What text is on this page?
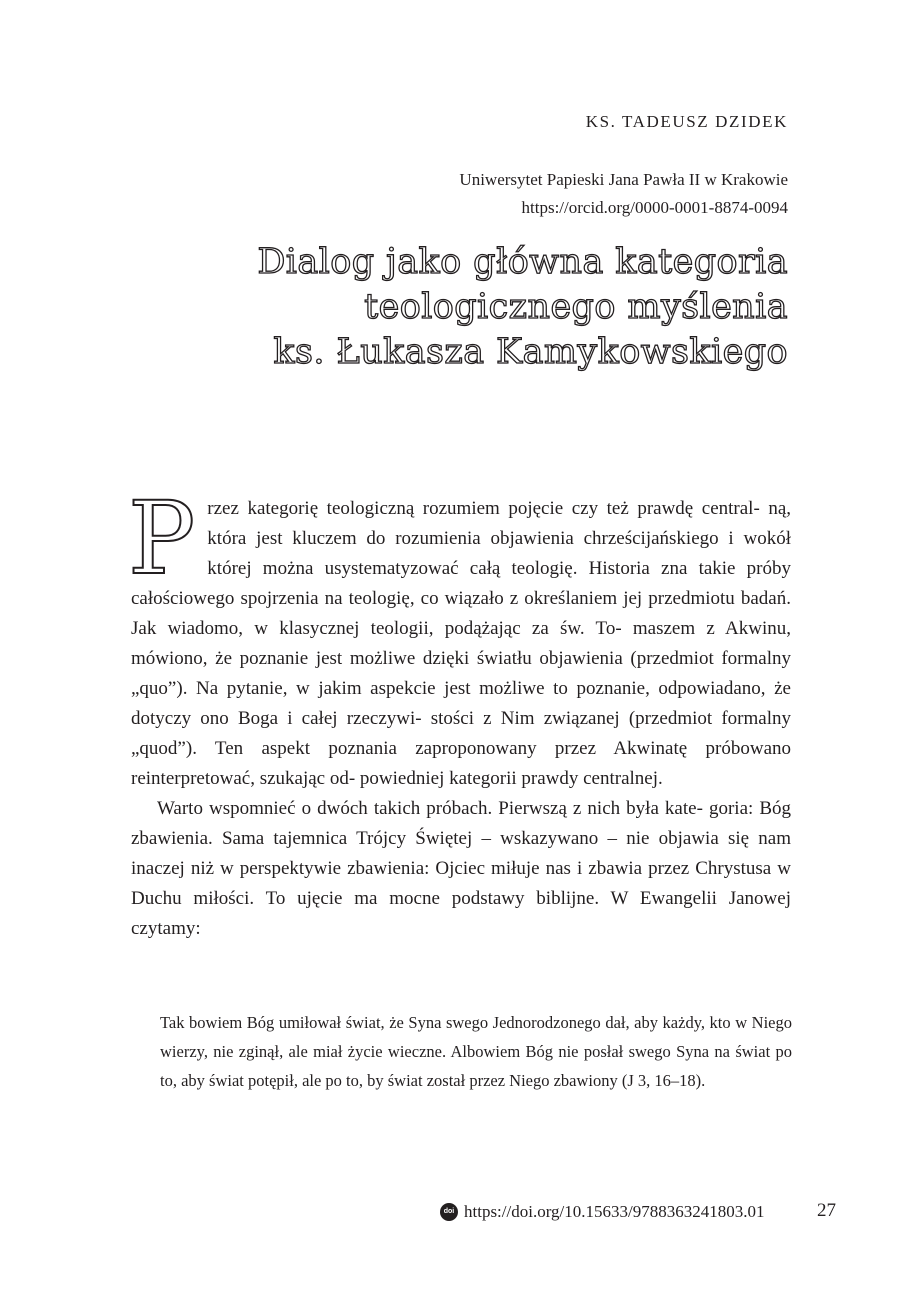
KS. TADEUSZ DZIDEK
Uniwersytet Papieski Jana Pawła II w Krakowie
https://orcid.org/0000-0001-8874-0094
Dialog jako główna kategoria
teologicznego myślenia
ks. Łukasza Kamykowskiego

Przez kategorię teologiczną rozumiem pojęcie czy też prawdę central- ną, która jest kluczem do rozumienia objawienia chrześcijańskiego i wokół której można usystematyzować całą teologię. Historia zna takie próby całościowego spojrzenia na teologię, co wiązało z określaniem jej przedmiotu badań. Jak wiadomo, w klasycznej teologii, podążając za św. To- maszem z Akwinu, mówiono, że poznanie jest możliwe dzięki światłu objawienia (przedmiot formalny „quo”). Na pytanie, w jakim aspekcie jest możliwe to poznanie, odpowiadano, że dotyczy ono Boga i całej rzeczywi- stości z Nim związanej (przedmiot formalny „quod”). Ten aspekt poznania zaproponowany przez Akwinatę próbowano reinterpretować, szukając od- powiedniej kategorii prawdy centralnej.

Warto wspomnieć o dwóch takich próbach. Pierwszą z nich była kate- goria: Bóg zbawienia. Sama tajemnica Trójcy Świętej – wskazywano – nie objawia się nam inaczej niż w perspektywie zbawienia: Ojciec miłuje nas i zbawia przez Chrystusa w Duchu miłości. To ujęcie ma mocne podstawy biblijne. W Ewangelii Janowej czytamy:

Tak bowiem Bóg umiłował świat, że Syna swego Jednorodzonego dał, aby każdy, kto w Niego wierzy, nie zginął, ale miał życie wieczne. Albowiem Bóg nie posłał swego Syna na świat po to, aby świat potępił, ale po to, by świat został przez Niego zbawiony (J 3, 16–18).

doi https://doi.org/10.15633/9788363241803.01	27
